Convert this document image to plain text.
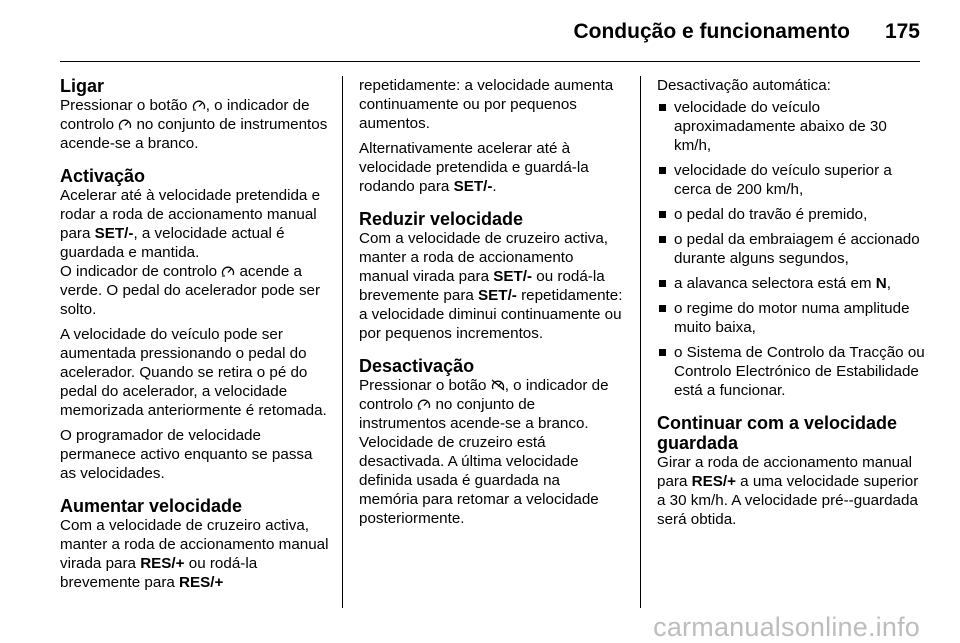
Condução e funcionamento 175
Ligar

Pressionar o botão
, o indicador de controlo
no conjunto de instrumentos acende-se a branco.

Activação

Acelerar até à velocidade pretendida e rodar a roda de accionamento manual para SET/-, a velocidade actual é guardada e mantida.
O indicador de controlo
acende a verde. O pedal do acelerador pode ser solto.

A velocidade do veículo pode ser aumentada pressionando o pedal do acelerador. Quando se retira o pé do pedal do acelerador, a velocidade memorizada anteriormente é retomada.

O programador de velocidade permanece activo enquanto se passa as velocidades.

Aumentar velocidade

Com a velocidade de cruzeiro activa, manter a roda de accionamento manual virada para RES/+ ou rodá-la brevemente para RES/+

repetidamente: a velocidade aumenta continuamente ou por pequenos aumentos.

Alternativamente acelerar até à velocidade pretendida e guardá-la rodando para SET/-.

Reduzir velocidade

Com a velocidade de cruzeiro activa, manter a roda de accionamento manual virada para SET/- ou rodá-la brevemente para SET/- repetidamente: a velocidade diminui continuamente ou por pequenos incrementos.

Desactivação

Pressionar o botão
, o indicador de controlo
no conjunto de instrumentos acende-se a branco. Velocidade de cruzeiro está desactivada. A última velocidade definida usada é guardada na memória para retomar a velocidade posteriormente.

Desactivação automática:

velocidade do veículo aproximadamente abaixo de 30 km/h,
velocidade do veículo superior a cerca de 200 km/h,
o pedal do travão é premido,
o pedal da embraiagem é accionado durante alguns segundos,
a alavanca selectora está em N,
o regime do motor numa amplitude muito baixa,
o Sistema de Controlo da Tracção ou Controlo Electrónico de Estabilidade está a funcionar.
Continuar com a velocidade guardada

Girar a roda de accionamento manual para RES/+ a uma velocidade superior a 30 km/h. A velocidade pré--guardada será obtida.

carmanualsonline.info
